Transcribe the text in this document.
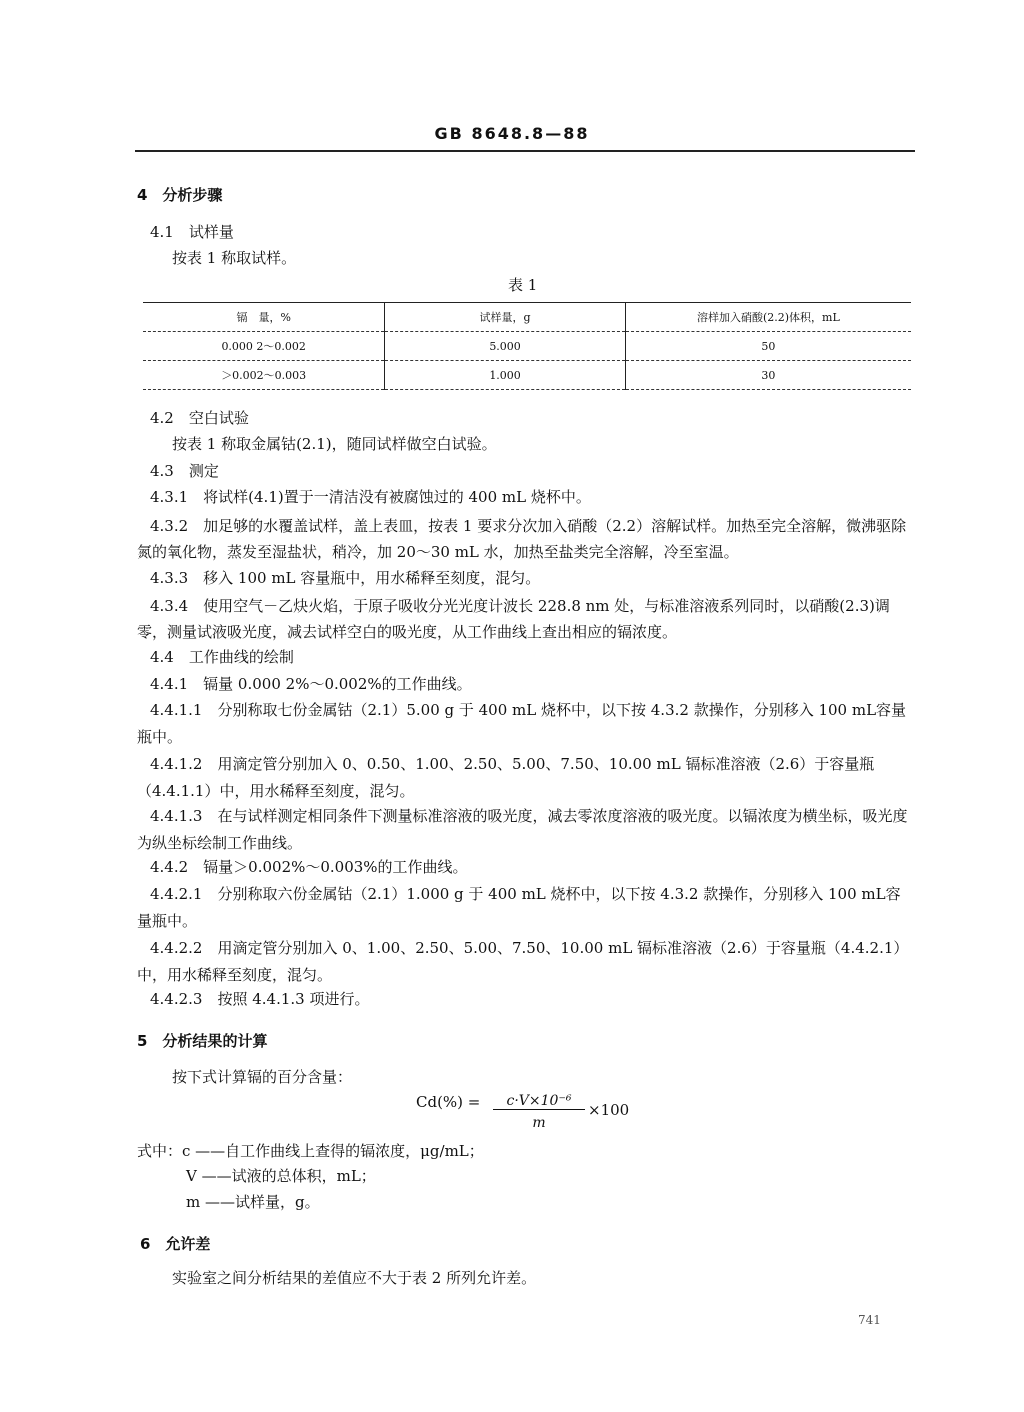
GB 8648.8—88
4　分析步骤
4.1　试样量
按表 1 称取试样。
表 1
镉　量，%	试样量，g	溶样加入硝酸(2.2)体积，mL
0.000 2～0.002	5.000	50
＞0.002～0.003	1.000	30
4.2　空白试验
按表 1 称取金属钴(2.1)，随同试样做空白试验。
4.3　测定
4.3.1　将试样(4.1)置于一清洁没有被腐蚀过的 400 mL 烧杯中。
4.3.2　加足够的水覆盖试样，盖上表皿，按表 1 要求分次加入硝酸（2.2）溶解试样。加热至完全溶解，微沸驱除氮的氧化物，蒸发至湿盐状，稍冷，加 20～30 mL 水，加热至盐类完全溶解，冷至室温。
4.3.3　移入 100 mL 容量瓶中，用水稀释至刻度，混匀。
4.3.4　使用空气－乙炔火焰，于原子吸收分光光度计波长 228.8 nm 处，与标准溶液系列同时，以硝酸(2.3)调零，测量试液吸光度，减去试样空白的吸光度，从工作曲线上查出相应的镉浓度。
4.4　工作曲线的绘制
4.4.1　镉量 0.000 2%～0.002%的工作曲线。
4.4.1.1　分别称取七份金属钴（2.1）5.00 g 于 400 mL 烧杯中，以下按 4.3.2 款操作，分别移入 100 mL容量瓶中。
4.4.1.2　用滴定管分别加入 0、0.50、1.00、2.50、5.00、7.50、10.00 mL 镉标准溶液（2.6）于容量瓶（4.4.1.1）中，用水稀释至刻度，混匀。
4.4.1.3　在与试样测定相同条件下测量标准溶液的吸光度，减去零浓度溶液的吸光度。以镉浓度为横坐标，吸光度为纵坐标绘制工作曲线。
4.4.2　镉量＞0.002%～0.003%的工作曲线。
4.4.2.1　分别称取六份金属钴（2.1）1.000 g 于 400 mL 烧杯中，以下按 4.3.2 款操作，分别移入 100 mL容量瓶中。
4.4.2.2　用滴定管分别加入 0、1.00、2.50、5.00、7.50、10.00 mL 镉标准溶液（2.6）于容量瓶（4.4.2.1）中，用水稀释至刻度，混匀。
4.4.2.3　按照 4.4.1.3 项进行。
5　分析结果的计算
按下式计算镉的百分含量：
Cd(%) =	c·V×10⁻⁶
m
×100
式中：c ——自工作曲线上查得的镉浓度，μg/mL；
V ——试液的总体积，mL；
m ——试样量，g。
6　允许差
实验室之间分析结果的差值应不大于表 2 所列允许差。
741
